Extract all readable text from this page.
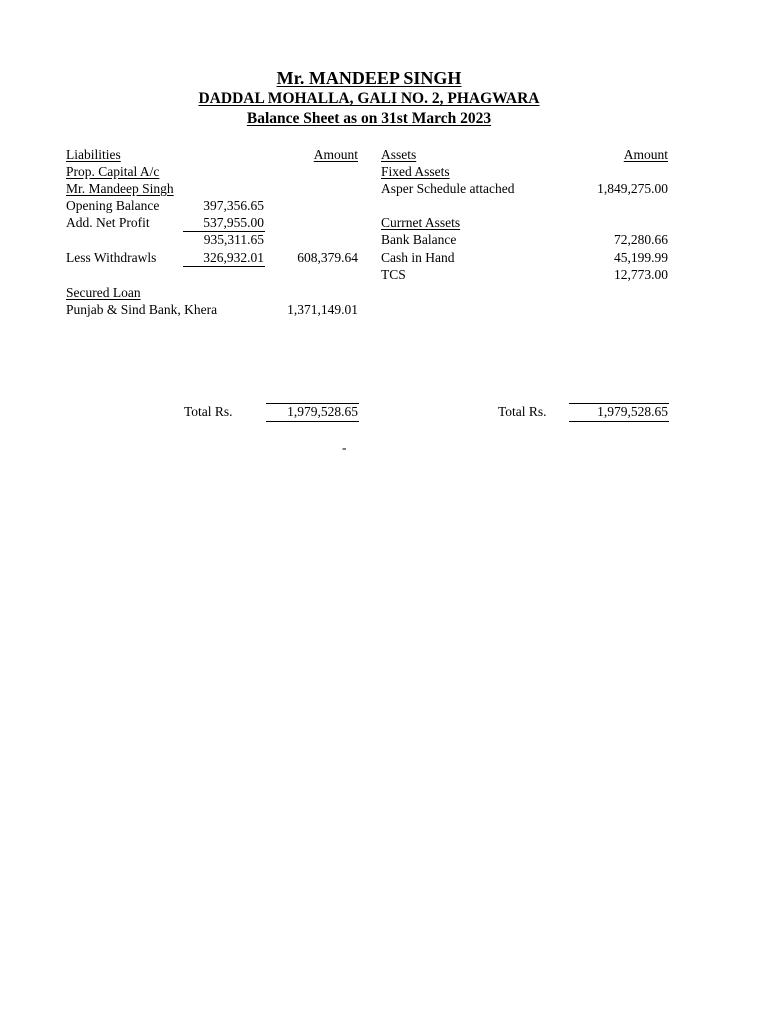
Mr. MANDEEP SINGH
DADDAL MOHALLA, GALI NO. 2, PHAGWARA
Balance Sheet as on 31st March 2023
Liabilities	Amount
Prop. Capital A/c
Mr. Mandeep Singh
Opening Balance	397,356.65
Add. Net Profit	537,955.00
935,311.65
Less Withdrawls	326,932.01	608,379.64
Secured Loan
Punjab & Sind Bank, Khera	1,371,149.01
Total Rs.	1,979,528.65
Assets	Amount
Fixed Assets
Asper Schedule attached	1,849,275.00
Currnet Assets
Bank Balance	72,280.66
Cash in Hand	45,199.99
TCS	12,773.00
Total Rs.	1,979,528.65
-
